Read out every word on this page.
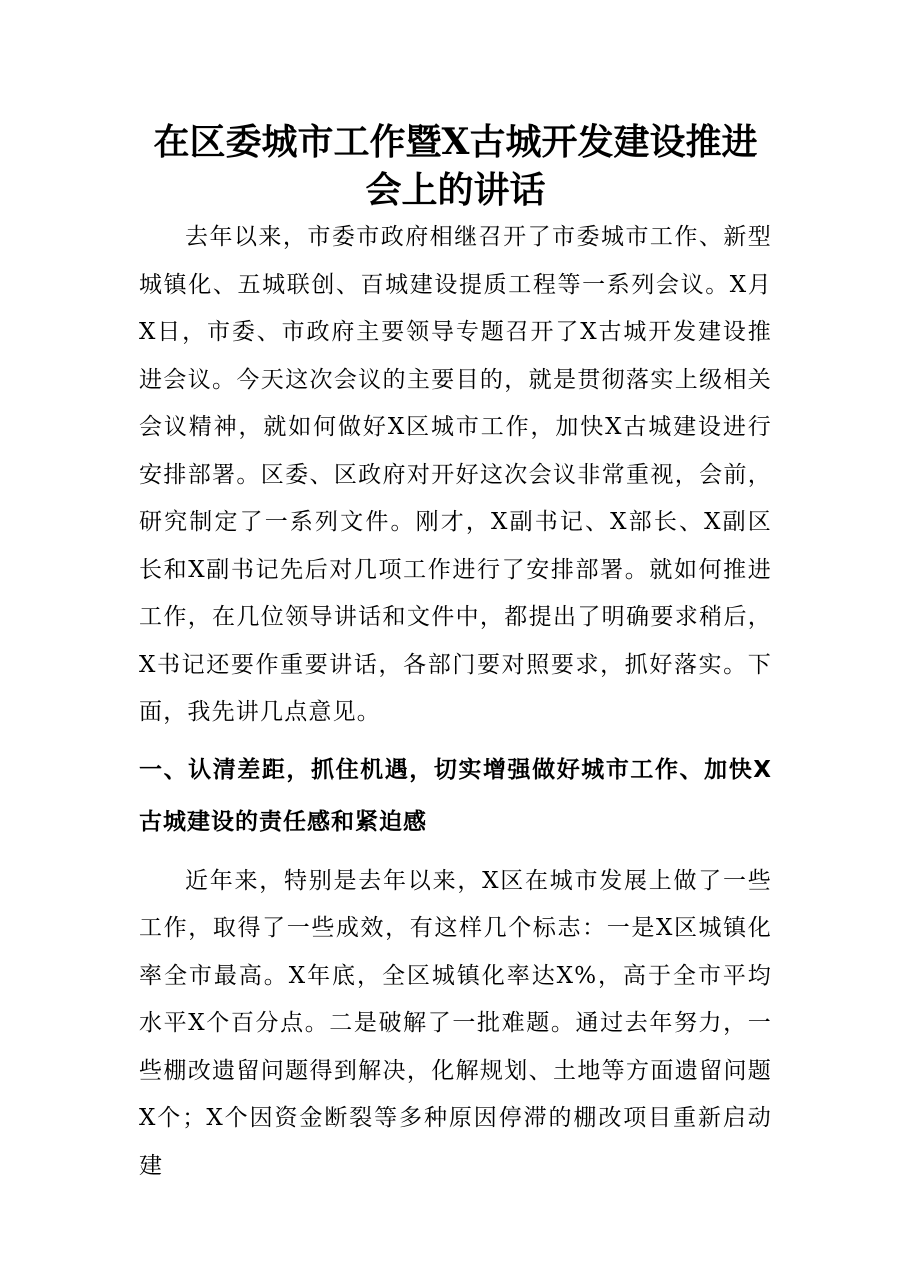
在区委城市工作暨X古城开发建设推进会上的讲话

去年以来，市委市政府相继召开了市委城市工作、新型城镇化、五城联创、百城建设提质工程等一系列会议。X月X日，市委、市政府主要领导专题召开了X古城开发建设推进会议。今天这次会议的主要目的，就是贯彻落实上级相关会议精神，就如何做好X区城市工作，加快X古城建设进行安排部署。区委、区政府对开好这次会议非常重视，会前，研究制定了一系列文件。刚才，X副书记、X部长、X副区长和X副书记先后对几项工作进行了安排部署。就如何推进工作，在几位领导讲话和文件中，都提出了明确要求稍后，X书记还要作重要讲话，各部门要对照要求，抓好落实。下面，我先讲几点意见。

一、认清差距，抓住机遇，切实增强做好城市工作、加快X古城建设的责任感和紧迫感

近年来，特别是去年以来，X区在城市发展上做了一些工作，取得了一些成效，有这样几个标志：一是X区城镇化率全市最高。X年底，全区城镇化率达X%，高于全市平均水平X个百分点。二是破解了一批难题。通过去年努力，一些棚改遗留问题得到解决，化解规划、土地等方面遗留问题X个；X个因资金断裂等多种原因停滞的棚改项目重新启动建
